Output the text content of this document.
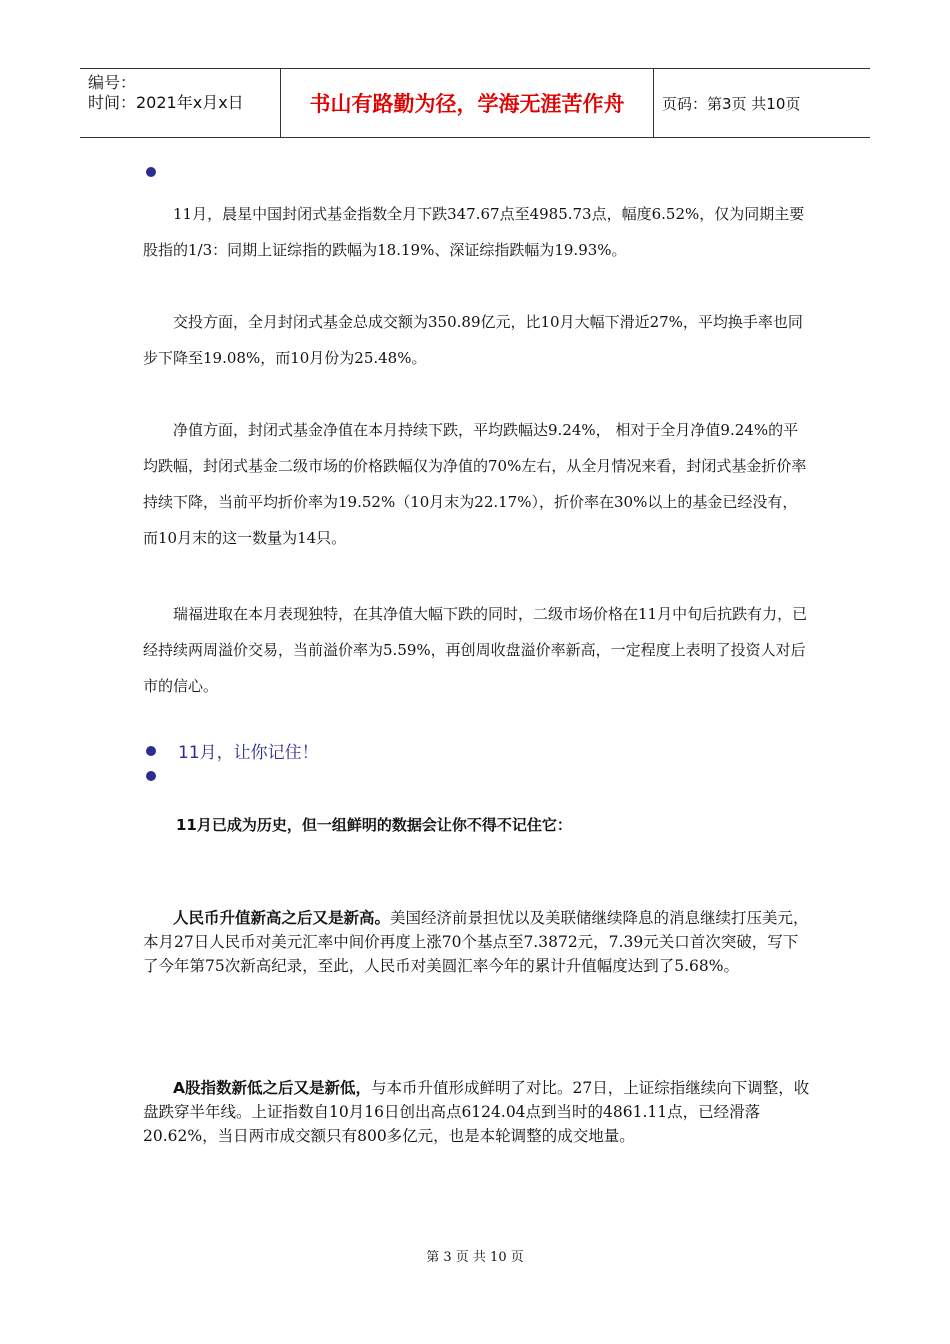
编号：
时间：2021年x月x日	书山有路勤为径，学海无涯苦作舟	页码：第3页 共10页

11月，晨星中国封闭式基金指数全月下跌347.67点至4985.73点，幅度6.52%，仅为同期主要股指的1/3：同期上证综指的跌幅为18.19%、深证综指跌幅为19.93%。

交投方面，全月封闭式基金总成交额为350.89亿元，比10月大幅下滑近27%，平均换手率也同步下降至19.08%，而10月份为25.48%。

净值方面，封闭式基金净值在本月持续下跌，平均跌幅达9.24%， 相对于全月净值9.24%的平均跌幅，封闭式基金二级市场的价格跌幅仅为净值的70%左右，从全月情况来看，封闭式基金折价率持续下降，当前平均折价率为19.52%（10月末为22.17%），折价率在30%以上的基金已经没有，而10月末的这一数量为14只。

瑞福进取在本月表现独特，在其净值大幅下跌的同时，二级市场价格在11月中旬后抗跌有力，已经持续两周溢价交易，当前溢价率为5.59%，再创周收盘溢价率新高，一定程度上表明了投资人对后市的信心。

11月，让你记住！
11月已成为历史，但一组鲜明的数据会让你不得不记住它：

人民币升值新高之后又是新高。美国经济前景担忧以及美联储继续降息的消息继续打压美元，本月27日人民币对美元汇率中间价再度上涨70个基点至7.3872元，7.39元关口首次突破，写下了今年第75次新高纪录，至此，人民币对美圆汇率今年的累计升值幅度达到了5.68%。

A股指数新低之后又是新低，与本币升值形成鲜明了对比。27日，上证综指继续向下调整，收盘跌穿半年线。上证指数自10月16日创出高点6124.04点到当时的4861.11点，已经滑落20.62%，当日两市成交额只有800多亿元，也是本轮调整的成交地量。

第 3 页 共 10 页
